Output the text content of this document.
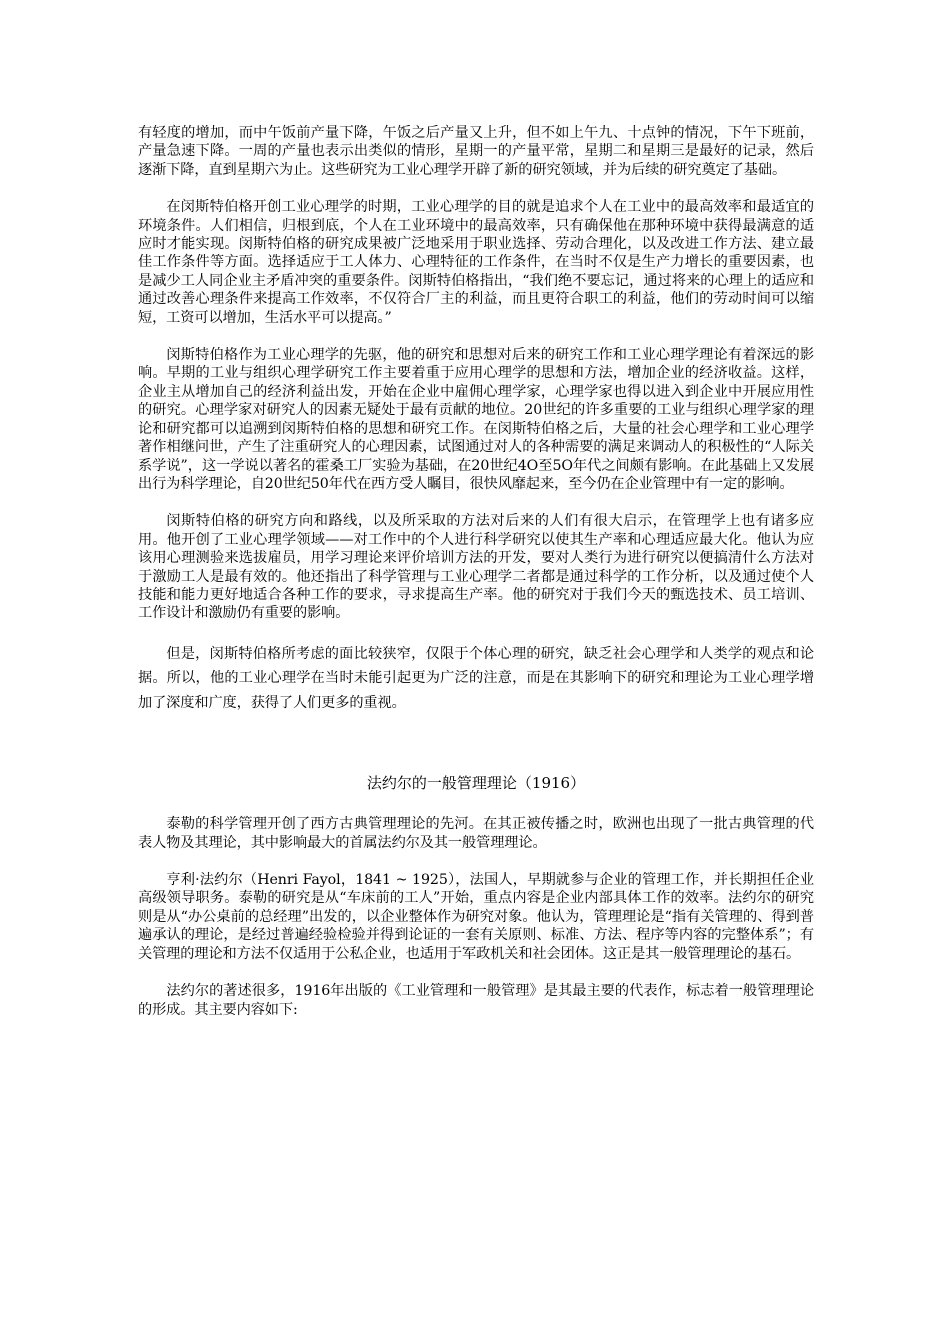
有轻度的增加，而中午饭前产量下降，午饭之后产量又上升，但不如上午九、十点钟的情况，下午下班前，产量急速下降。一周的产量也表示出类似的情形，星期一的产量平常，星期二和星期三是最好的记录，然后逐渐下降，直到星期六为止。这些研究为工业心理学开辟了新的研究领域，并为后续的研究奠定了基础。

在闵斯特伯格开创工业心理学的时期，工业心理学的目的就是追求个人在工业中的最高效率和最适宜的环境条件。人们相信，归根到底，个人在工业环境中的最高效率，只有确保他在那种环境中获得最满意的适应时才能实现。闵斯特伯格的研究成果被广泛地采用于职业选择、劳动合理化，以及改进工作方法、建立最佳工作条件等方面。选择适应于工人体力、心理特征的工作条件，在当时不仅是生产力增长的重要因素，也是减少工人同企业主矛盾冲突的重要条件。闵斯特伯格指出，“我们绝不要忘记，通过将来的心理上的适应和通过改善心理条件来提高工作效率，不仅符合厂主的利益，而且更符合职工的利益，他们的劳动时间可以缩短，工资可以增加，生活水平可以提高。”

闵斯特伯格作为工业心理学的先驱，他的研究和思想对后来的研究工作和工业心理学理论有着深远的影响。早期的工业与组织心理学研究工作主要着重于应用心理学的思想和方法，增加企业的经济收益。这样，企业主从增加自己的经济利益出发，开始在企业中雇佣心理学家，心理学家也得以进入到企业中开展应用性的研究。心理学家对研究人的因素无疑处于最有贡献的地位。20世纪的许多重要的工业与组织心理学家的理论和研究都可以追溯到闵斯特伯格的思想和研究工作。在闵斯特伯格之后，大量的社会心理学和工业心理学著作相继问世，产生了注重研究人的心理因素，试图通过对人的各种需要的满足来调动人的积极性的“人际关系学说”，这一学说以著名的霍桑工厂实验为基础，在20世纪4O至5O年代之间颇有影响。在此基础上又发展出行为科学理论，自20世纪50年代在西方受人瞩目，很快风靡起来，至今仍在企业管理中有一定的影响。

闵斯特伯格的研究方向和路线，以及所采取的方法对后来的人们有很大启示，在管理学上也有诸多应用。他开创了工业心理学领域——对工作中的个人进行科学研究以使其生产率和心理适应最大化。他认为应该用心理测验来选拔雇员，用学习理论来评价培训方法的开发，要对人类行为进行研究以便搞清什么方法对于激励工人是最有效的。他还指出了科学管理与工业心理学二者都是通过科学的工作分析，以及通过使个人技能和能力更好地适合各种工作的要求，寻求提高生产率。他的研究对于我们今天的甄选技术、员工培训、工作设计和激励仍有重要的影响。

但是，闵斯特伯格所考虑的面比较狭窄，仅限于个体心理的研究，缺乏社会心理学和人类学的观点和论据。所以，他的工业心理学在当时未能引起更为广泛的注意，而是在其影响下的研究和理论为工业心理学增加了深度和广度，获得了人们更多的重视。

法约尔的一般管理理论（1916）

泰勒的科学管理开创了西方古典管理理论的先河。在其正被传播之时，欧洲也出现了一批古典管理的代表人物及其理论，其中影响最大的首属法约尔及其一般管理理论。

亨利·法约尔（Henri Fayol，1841 ~ 1925），法国人，早期就参与企业的管理工作，并长期担任企业高级领导职务。泰勒的研究是从“车床前的工人”开始，重点内容是企业内部具体工作的效率。法约尔的研究则是从“办公桌前的总经理”出发的，以企业整体作为研究对象。他认为，管理理论是“指有关管理的、得到普遍承认的理论，是经过普遍经验检验并得到论证的一套有关原则、标准、方法、程序等内容的完整体系”；有关管理的理论和方法不仅适用于公私企业，也适用于军政机关和社会团体。这正是其一般管理理论的基石。

法约尔的著述很多，1916年出版的《工业管理和一般管理》是其最主要的代表作，标志着一般管理理论的形成。其主要内容如下:
